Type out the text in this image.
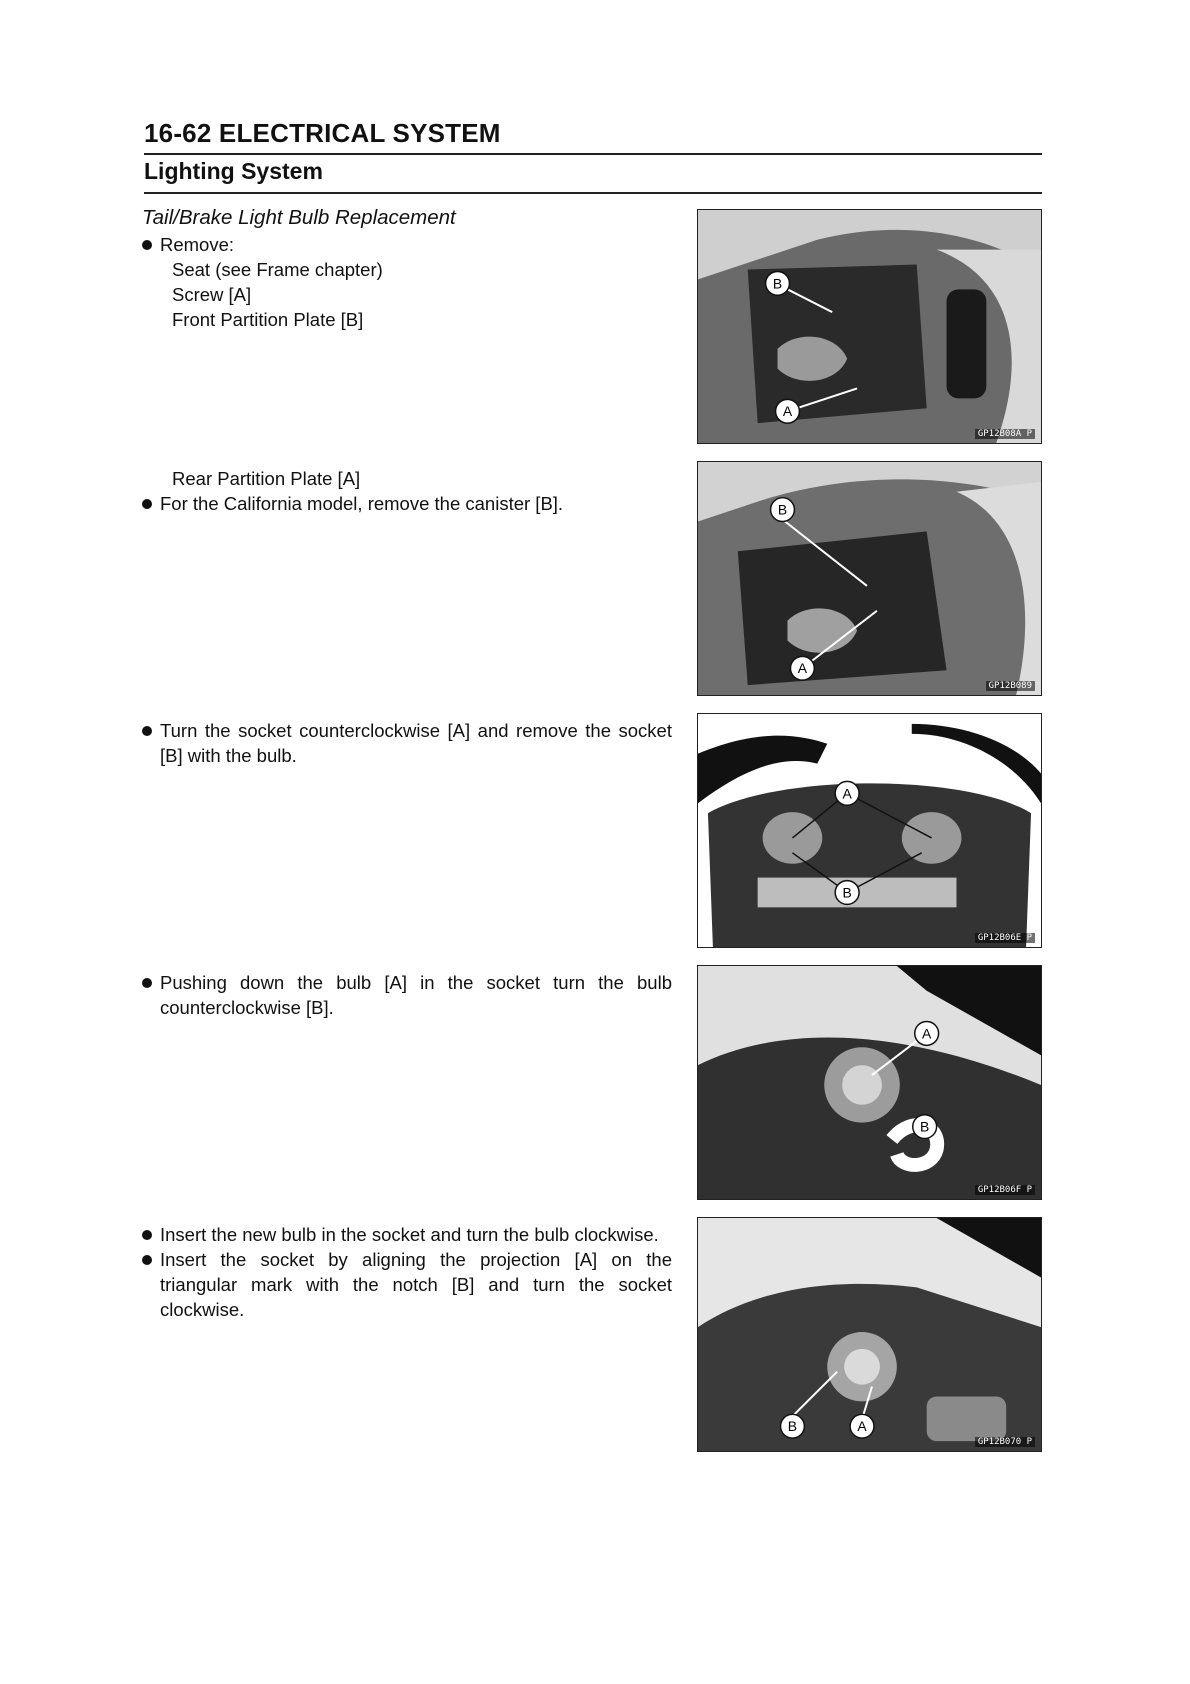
16-62 ELECTRICAL SYSTEM
Lighting System
Tail/Brake Light Bulb Replacement
Remove:
Seat (see Frame chapter)
Screw [A]
Front Partition Plate [B]
Rear Partition Plate [A]
For the California model, remove the canister [B].
Turn the socket counterclockwise [A] and remove the socket [B] with the bulb.
Pushing down the bulb [A] in the socket turn the bulb counterclockwise [B].
Insert the new bulb in the socket and turn the bulb clockwise.
Insert the socket by aligning the projection [A] on the triangular mark with the notch [B] and turn the socket clockwise.
B
A
GP12B08A P
B
A
GP12B089
A
B
GP12B06E P
A
B
GP12B06F P
B	A
GP12B070 P
